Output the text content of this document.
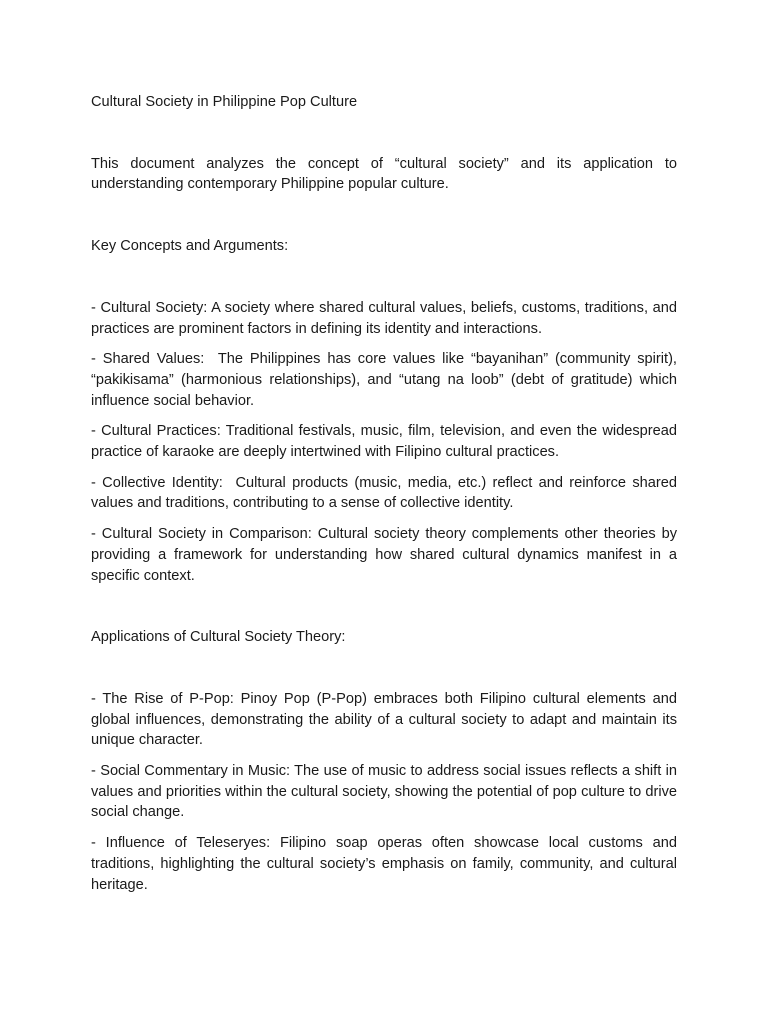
Cultural Society in Philippine Pop Culture

This document analyzes the concept of “cultural society” and its application to understanding contemporary Philippine popular culture.

Key Concepts and Arguments:
- Cultural Society: A society where shared cultural values, beliefs, customs, traditions, and practices are prominent factors in defining its identity and interactions.
- Shared Values:  The Philippines has core values like “bayanihan” (community spirit), “pakikisama” (harmonious relationships), and “utang na loob” (debt of gratitude) which influence social behavior.
- Cultural Practices: Traditional festivals, music, film, television, and even the widespread practice of karaoke are deeply intertwined with Filipino cultural practices.
- Collective Identity:  Cultural products (music, media, etc.) reflect and reinforce shared values and traditions, contributing to a sense of collective identity.
- Cultural Society in Comparison: Cultural society theory complements other theories by providing a framework for understanding how shared cultural dynamics manifest in a specific context.
Applications of Cultural Society Theory:
- The Rise of P-Pop: Pinoy Pop (P-Pop) embraces both Filipino cultural elements and global influences, demonstrating the ability of a cultural society to adapt and maintain its unique character.
- Social Commentary in Music: The use of music to address social issues reflects a shift in values and priorities within the cultural society, showing the potential of pop culture to drive social change.
- Influence of Teleseryes: Filipino soap operas often showcase local customs and traditions, highlighting the cultural society’s emphasis on family, community, and cultural heritage.
